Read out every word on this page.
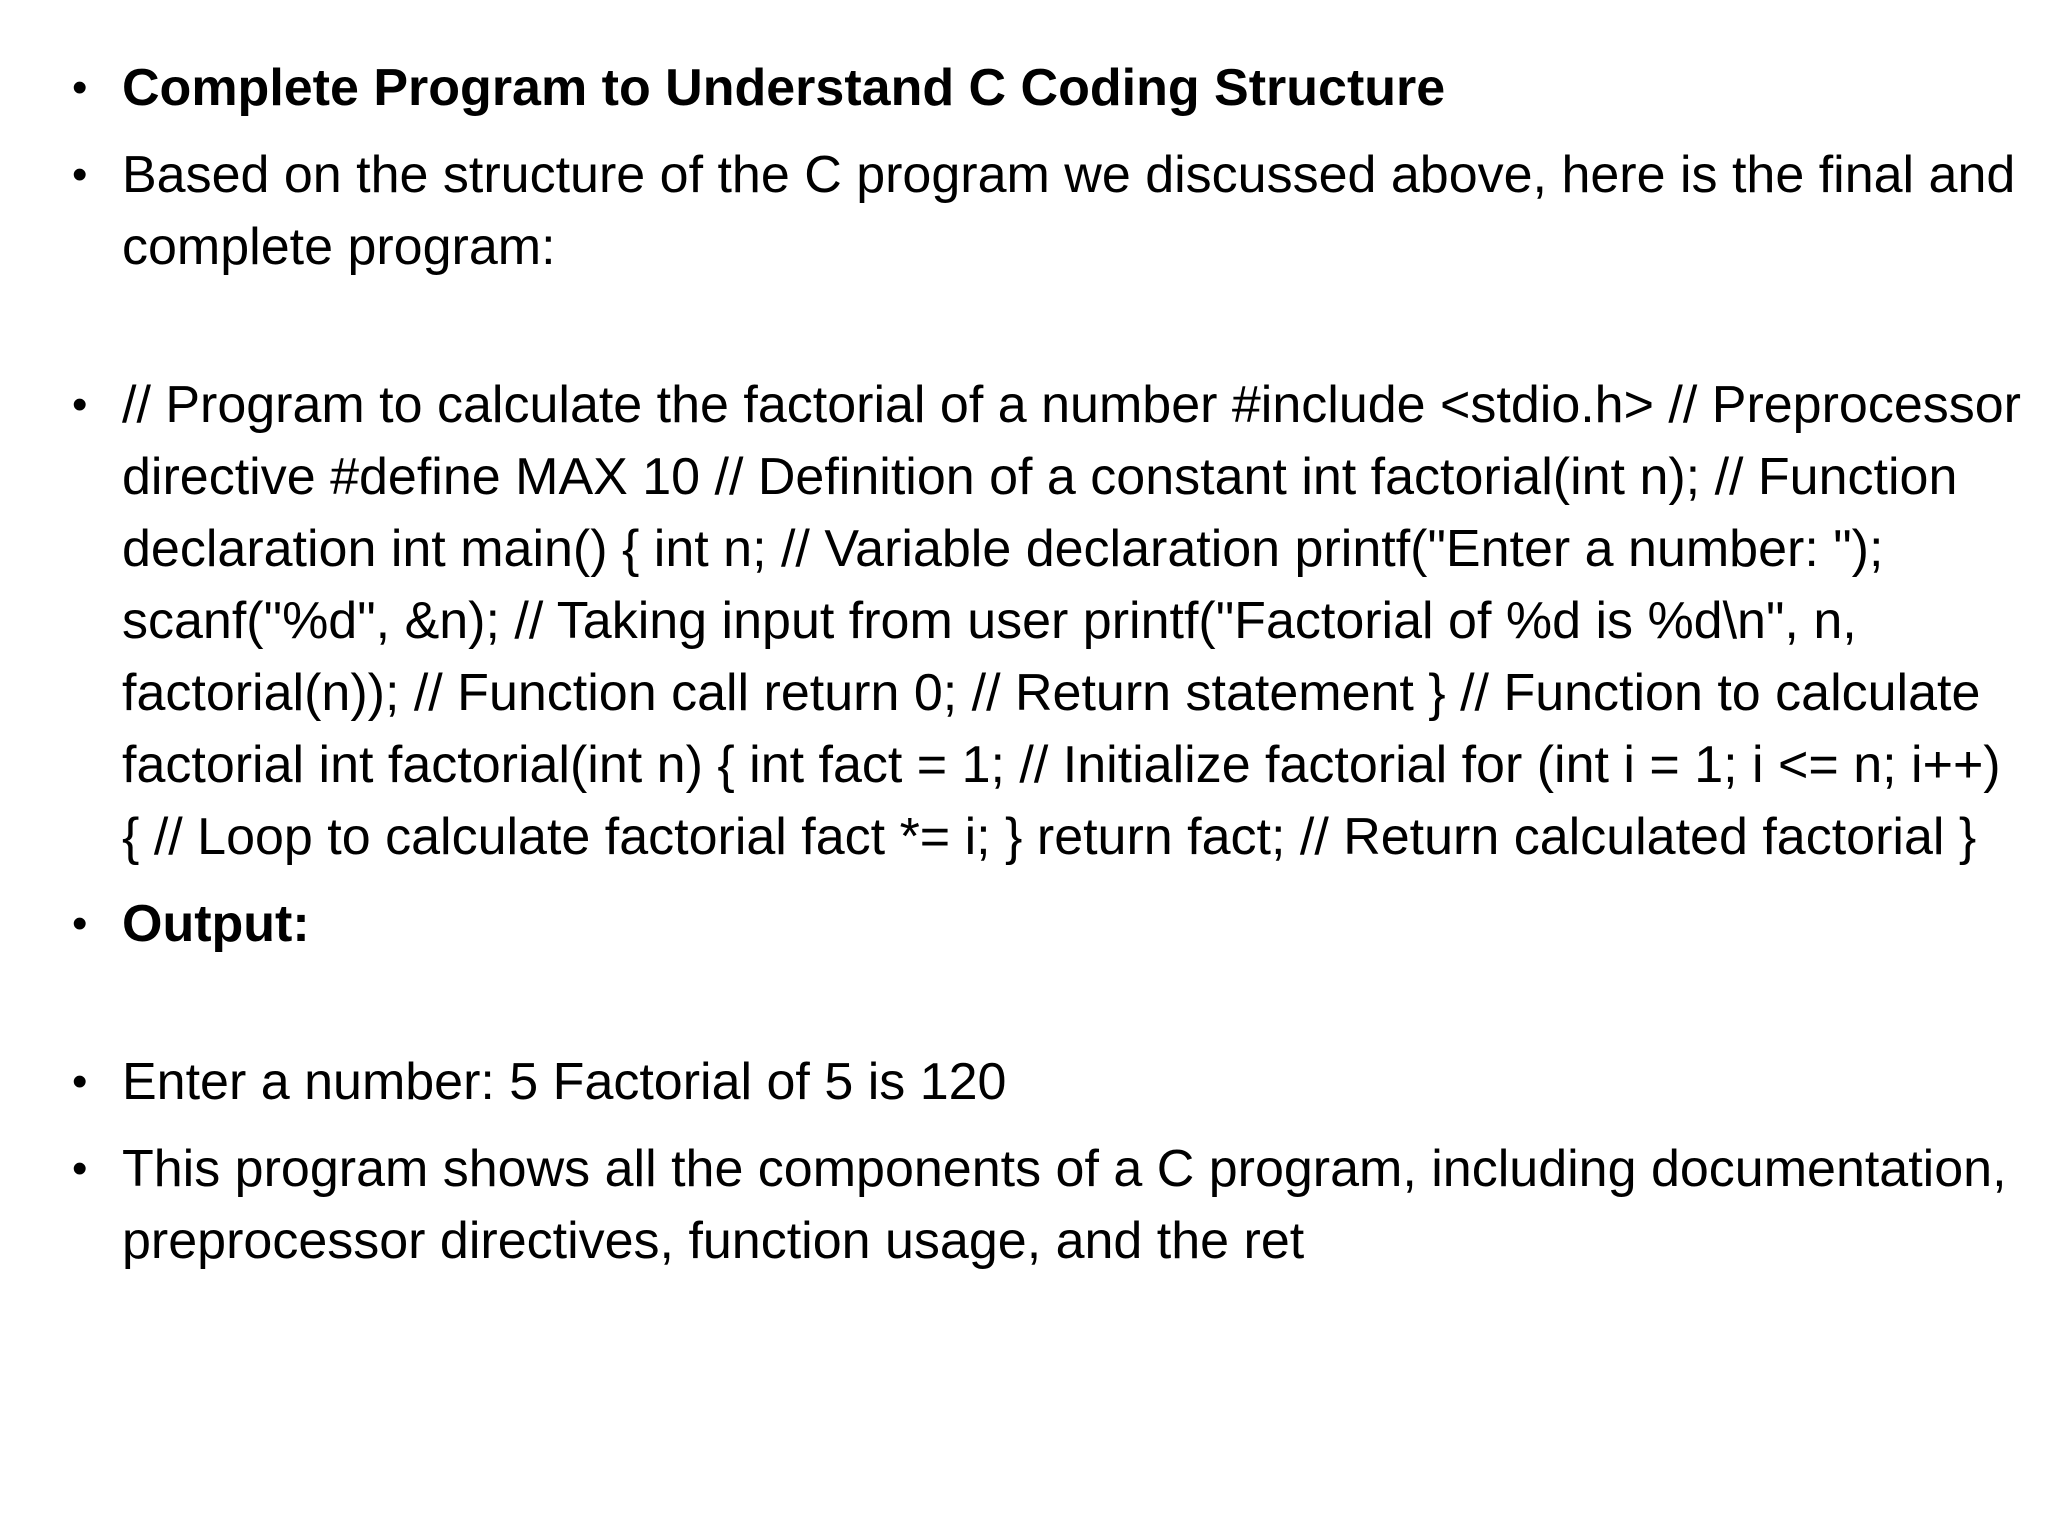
• Complete Program to Understand C Coding Structure
• Based on the structure of the C program we discussed above, here is the final and complete program:
• // Program to calculate the factorial of a number #include <stdio.h> // Preprocessor directive #define MAX 10 // Definition of a constant int factorial(int n); // Function declaration int main() { int n; // Variable declaration printf("Enter a number: "); scanf("%d", &n); // Taking input from user printf("Factorial of %d is %d\n", n, factorial(n)); // Function call return 0; // Return statement } // Function to calculate factorial int factorial(int n) { int fact = 1; // Initialize factorial for (int i = 1; i <= n; i++) { // Loop to calculate factorial fact *= i; } return fact; // Return calculated factorial }
• Output:
• Enter a number: 5 Factorial of 5 is 120
• This program shows all the components of a C program, including documentation, preprocessor directives, function usage, and the ret
